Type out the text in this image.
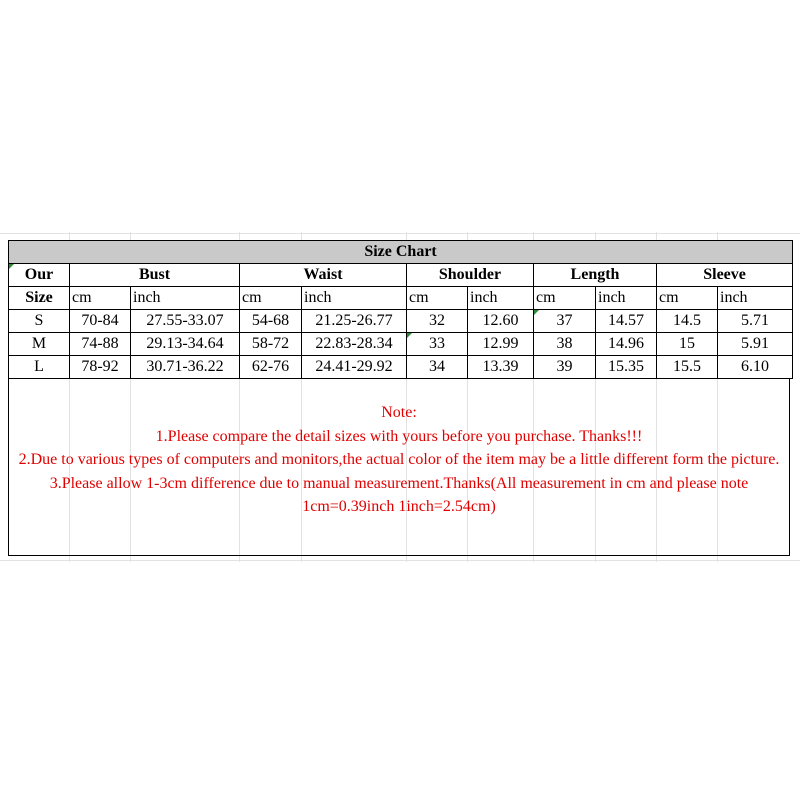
Size Chart										
Our	Bust		Waist		Shoulder		Length		Sleeve	
Size	cm	inch	cm	inch	cm	inch	cm	inch	cm	inch
S	70-84	27.55-33.07	54-68	21.25-26.77	32	12.60	37	14.57	14.5	5.71
M	74-88	29.13-34.64	58-72	22.83-28.34	33	12.99	38	14.96	15	5.91
L	78-92	30.71-36.22	62-76	24.41-29.92	34	13.39	39	15.35	15.5	6.10

Note:

1.Please compare the detail sizes with yours before you purchase. Thanks!!!

2.Due to various types of computers and monitors,the actual color of the item may be a little different form the picture.

3.Please allow 1-3cm difference due to manual measurement.Thanks(All measurement in cm and please note 1cm=0.39inch 1inch=2.54cm)
